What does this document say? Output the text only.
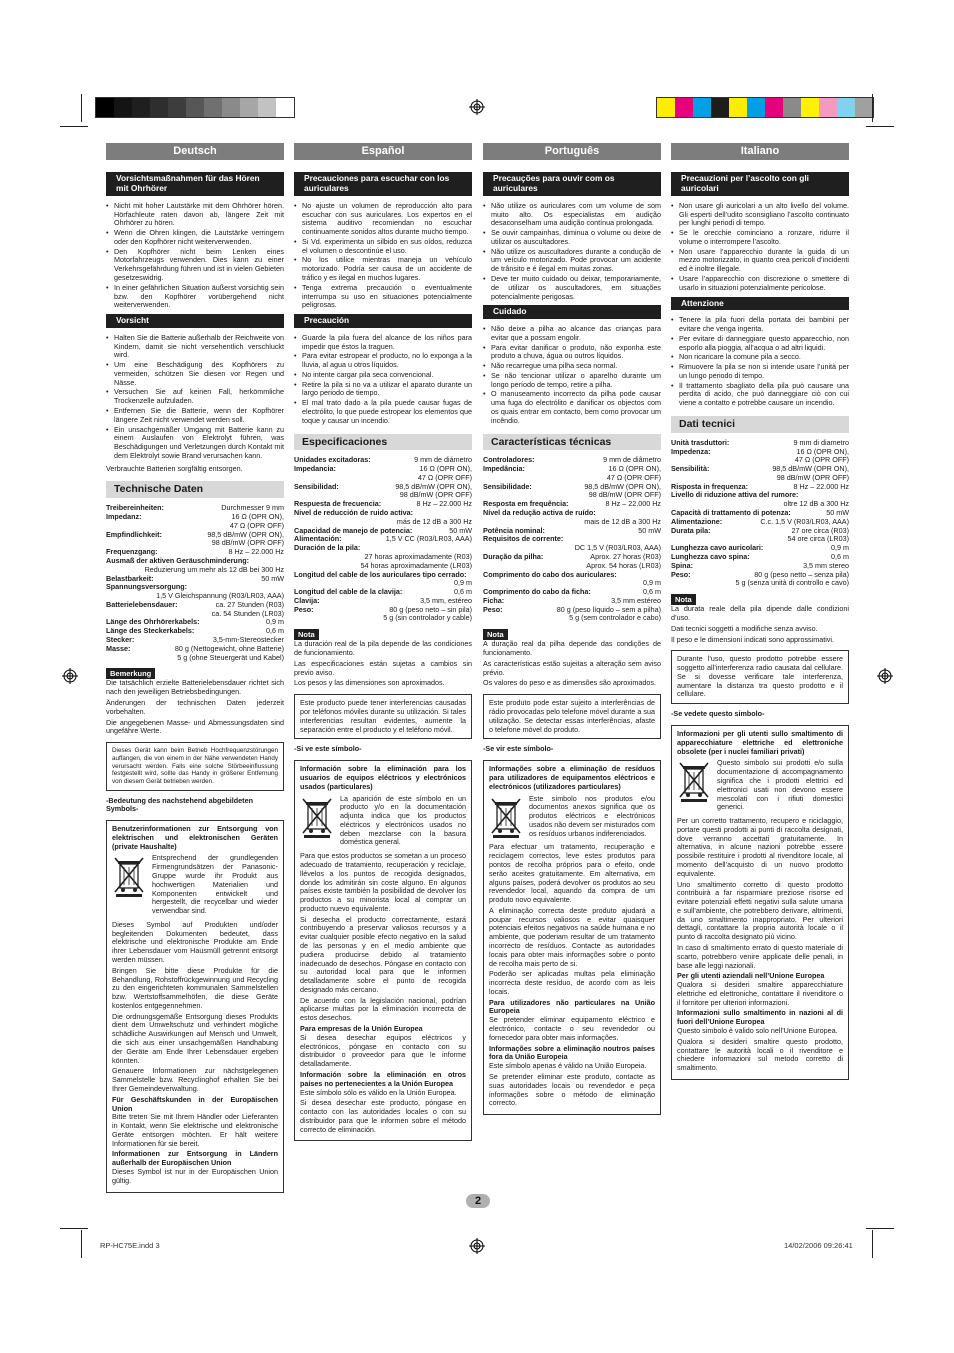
Deutsch
Vorsichtsmaßnahmen für das Hören mit Ohrhörer
• Nicht mit hoher Lautstärke mit dem Ohrhörer hören. Hörfachleute raten davon ab, längere Zeit mit Ohrhörer zu hören.
• Wenn die Ohren klingen, die Lautstärke verringern oder den Kopfhörer nicht weiterverwenden.
• Den Kopfhörer nicht beim Lenken eines Motorfahrzeugs verwenden. Dies kann zu einer Verkehrsgefährdung führen und ist in vielen Gebieten gesetzeswidrig.
• In einer gefährlichen Situation äußerst vorsichtig sein bzw. den Kopfhörer vorübergehend nicht weiterverwenden.
Vorsicht
• Halten Sie die Batterie außerhalb der Reichweite von Kindern, damit sie nicht versehentlich verschluckt wird.
• Um eine Beschädigung des Kopfhörers zu vermeiden, schützen Sie diesen vor Regen und Nässe.
• Versuchen Sie auf keinen Fall, herkömmliche Trockenzelle aufzuladen.
• Entfernen Sie die Batterie, wenn der Kopfhörer längere Zeit nicht verwendet werden soll.
• Ein unsachgemäßer Umgang mit Batterie kann zu einem Auslaufen von Elektrolyt führen, was Beschädigungen und Verletzungen durch Kontakt mit dem Elektrolyt sowie Brand verursachen kann.
Verbrauchte Batterien sorgfältig entsorgen.
Technische Daten
Treibereinheiten:	Durchmesser 9 mm
Impedanz:	16 Ω (OPR ON),
47 Ω (OPR OFF)
Empfindlichkeit:	98,5 dB/mW (OPR ON),
98 dB/mW (OPR OFF)
Frequenzgang:	8 Hz – 22.000 Hz
Ausmaß der aktiven Geräuschminderung:
Reduzierung um mehr als 12 dB bei 300 Hz
Belastbarkeit:	50 mW
Spannungsversorgung:
1,5 V Gleichspannung (R03/LR03, AAA)
Batterielebensdauer:	ca. 27 Stunden (R03)
ca. 54 Stunden (LR03)
Länge des Ohrhörerkabels:	0,9 m
Länge des Steckerkabels:	0,6 m
Stecker:	3,5-mm-Stereostecker
Masse:	80 g (Nettogewicht, ohne Batterie)
5 g (ohne Steuergerät und Kabel)
Bemerkung
Die tatsächlich erzielte Batterielebensdauer richtet sich nach den jeweiligen Betriebsbedingungen.
Änderungen der technischen Daten jederzeit vorbehalten.
Die angegebenen Masse- und Abmessungsdaten sind ungefähre Werte.
Dieses Gerät kann beim Betrieb Hochfrequenzstörungen auffangen, die von einem in der Nähe verwendeten Handy verursacht werden. Falls eine solche Störbeeinflussung festgestellt wird, sollte das Handy in größerer Entfernung von diesem Gerät betrieben werden.
-Bedeutung des nachstehend abgebildeten Symbols-
Benutzerinformationen zur Entsorgung von elektrischen und elektronischen Geräten (private Haushalte)
Entsprechend der grundlegenden Firmengrundsätzen der Panasonic-Gruppe wurde ihr Produkt aus hochwertigen Materialien und Komponenten entwickelt und hergestellt, die recycelbar und wieder verwendbar sind.
Dieses Symbol auf Produkten und/oder begleitenden Dokumenten bedeutet, dass elektrische und elektronische Produkte am Ende ihrer Lebensdauer vom Hausmüll getrennt entsorgt werden müssen.
Bringen Sie bitte diese Produkte für die Behandlung, Rohstoffrückgewinnung und Recycling zu den eingerichteten kommunalen Sammelstellen bzw. Wertstoffsammelhöfen, die diese Geräte kostenlos entgegennehmen.
Die ordnungsgemäße Entsorgung dieses Produkts dient dem Umweltschutz und verhindert mögliche schädliche Auswirkungen auf Mensch und Umwelt, die sich aus einer unsachgemäßen Handhabung der Geräte am Ende Ihrer Lebensdauer ergeben könnten.
Genauere Informationen zur nächstgelegenen Sammelstelle bzw. Recyclinghof erhalten Sie bei Ihrer Gemeindeverwaltung.
Für Geschäftskunden in der Europäischen Union
Bitte treten Sie mit Ihrem Händler oder Lieferanten in Kontakt, wenn Sie elektrische und elektronische Geräte entsorgen möchten. Er hält weitere Informationen für sie bereit.
Informationen zur Entsorgung in Ländern außerhalb der Europäischen Union
Dieses Symbol ist nur in der Europäischen Union gültig.
Español
Precauciones para escuchar con los auriculares
• No ajuste un volumen de reproducción alto para escuchar con sus auriculares. Los expertos en el sistema auditivo recomiendan no escuchar continuamente sonidos altos durante mucho tiempo.
• Si Vd. experimenta un silbido en sus oídos, reduzca el volumen o descontinúe el uso.
• No los utilice mientras maneja un vehículo motorizado. Podría ser causa de un accidente de tráfico y es ilegal en muchos lugares.
• Tenga extrema precaución o eventualmente interrumpa su uso en situaciones potencialmente peligrosas.
Precaución
• Guarde la pila fuera del alcance de los niños para impedir que éstos la traguen.
• Para evitar estropear el producto, no lo exponga a la lluvia, al agua u otros líquidos.
• No intente cargar pila seca convencional.
• Retire la pila si no va a utilizar el aparato durante un largo periodo de tiempo.
• El mal trato dado a la pila puede causar fugas de electrólito, lo que puede estropear los elementos que toque y causar un incendio.
Especificaciones
Unidades excitadoras:	9 mm de diámetro
Impedancia:	16 Ω (OPR ON),
47 Ω (OPR OFF)
Sensibilidad:	98,5 dB/mW (OPR ON),
98 dB/mW (OPR OFF)
Respuesta de frecuencia:	8 Hz – 22.000 Hz
Nivel de reducción de ruido activa:
más de 12 dB a 300 Hz
Capacidad de manejo de potencia:	50 mW
Alimentación:	1,5 V CC (R03/LR03, AAA)
Duración de la pila:
27 horas aproximadamente (R03)
54 horas aproximadamente (LR03)
Longitud del cable de los auriculares tipo cerrado:
0,9 m
Longitud del cable de la clavija:	0,6 m
Clavija:	3,5 mm, estéreo
Peso:	80 g (peso neto – sin pila)
5 g (sin controlador y cable)
Nota
La duración real de la pila depende de las condiciones de funcionamiento.
Las especificaciones están sujetas a cambios sin previo aviso.
Los pesos y las dimensiones son aproximados.
Este producto puede tener interferencias causadas por teléfonos móviles durante su utilización. Si tales interferencias resultan evidentes, aumente la separación entre el producto y el teléfono móvil.
-Si ve este símbolo-
Información sobre la eliminación para los usuarios de equipos eléctricos y electrónicos usados (particulares)
La aparición de este símbolo en un producto y/o en la documentación adjunta indica que los productos eléctricos y electrónicos usados no deben mezclarse con la basura doméstica general.
Para que estos productos se sometan a un proceso adecuado de tratamiento, recuperación y reciclaje, llévelos a los puntos de recogida designados, donde los admitirán sin coste alguno. En algunos países existe también la posibilidad de devolver los productos a su minorista local al comprar un producto nuevo equivalente.
Si desecha el producto correctamente, estará contribuyendo a preservar valiosos recursos y a evitar cualquier posible efecto negativo en la salud de las personas y en el medio ambiente que pudiera producirse debido al tratamiento inadecuado de desechos. Póngase en contacto con su autoridad local para que le informen detalladamente sobre el punto de recogida designado más cercano.
De acuerdo con la legislación nacional, podrían aplicarse multas por la eliminación incorrecta de estos desechos.
Para empresas de la Unión Europea
Si desea desechar equipos eléctricos y electrónicos, póngase en contacto con su distribuidor o proveedor para que le informe detalladamente.
Información sobre la eliminación en otros países no pertenecientes a la Unión Europea
Este símbolo sólo es válido en la Unión Europea.
Si desea desechar este producto, póngase en contacto con las autoridades locales o con su distribuidor para que le informen sobre el método correcto de eliminación.
Português
Precauções para ouvir com os auriculares
• Não utilize os auriculares com um volume de som muito alto. Os especialistas em audição desaconselham uma audição contínua prolongada.
• Se ouvir campainhas, diminua o volume ou deixe de utilizar os auscultadores.
• Não utilize os auscultadores durante a condução de um veículo motorizado. Pode provocar um acidente de trânsito e é ilegal em muitas zonas.
• Deve ter muito cuidado ou deixar, temporariamente, de utilizar os auscultadores, em situações potencialmente perigosas.
Cuidado
• Não deixe a pilha ao alcance das crianças para evitar que a possam engolir.
• Para evitar danificar o produto, não exponha este produto a chuva, água ou outros líquidos.
• Não recarregue uma pilha seca normal.
• Se não tencionar utilizar o aparelho durante um longo período de tempo, retire a pilha.
• O manuseamento incorrecto da pilha pode causar uma fuga do electrólito e danificar os objectos com os quais entrar em contacto, bem como provocar um incêndio.
Características técnicas
Controladores:	9 mm de diâmetro
Impedância:	16 Ω (OPR ON),
47 Ω (OPR OFF)
Sensibilidade:	98,5 dB/mW (OPR ON),
98 dB/mW (OPR OFF)
Resposta em frequência:	8 Hz – 22.000 Hz
Nível da redução activa de ruído:
mais de 12 dB a 300 Hz
Potência nominal:	50 mW
Requisitos de corrente:
DC 1,5 V (R03/LR03, AAA)
Duração da pilha:	Aprox. 27 horas (R03)
Aprox. 54 horas (LR03)
Comprimento do cabo dos auriculares:
0,9 m
Comprimento do cabo da ficha:	0,6 m
Ficha:	3,5 mm estéreo
Peso:	80 g (peso líquido – sem a pilha)
5 g (sem controlador e cabo)
Nota
A duração real da pilha depende das condições de funcionamento.
As características estão sujeitas a alteração sem aviso prévio.
Os valores do peso e as dimensões são aproximados.
Este produto pode estar sujeito a interferências de rádio provocadas pelo telefone móvel durante a sua utilização. Se detectar essas interferências, afaste o telefone móvel do produto.
-Se vir este símbolo-
Informações sobre a eliminação de resíduos para utilizadores de equipamentos eléctricos e electrónicos (utilizadores particulares)
Este símbolo nos produtos e/ou documentos anexos significa que os produtos eléctricos e electrónicos usados não devem ser misturados com os resíduos urbanos indiferenciados.
Para efectuar um tratamento, recuperação e reciclagem correctos, leve estes produtos para pontos de recolha próprios para o efeito, onde serão aceites gratuitamente. Em alternativa, em alguns países, poderá devolver os produtos ao seu revendedor local, aquando da compra de um produto novo equivalente.
A eliminação correcta deste produto ajudará a poupar recursos valiosos e evitar quaisquer potenciais efeitos negativos na saúde humana e no ambiente, que poderiam resultar de um tratamento incorrecto de resíduos. Contacte as autoridades locais para obter mais informações sobre o ponto de recolha mais perto de si.
Poderão ser aplicadas multas pela eliminação incorrecta deste resíduo, de acordo com as leis locais.
Para utilizadores não particulares na União Europeia
Se pretender eliminar equipamento eléctrico e electrónico, contacte o seu revendedor ou fornecedor para obter mais informações.
Informações sobre a eliminação noutros países fora da União Europeia
Este símbolo apenas é válido na União Europeia.
Se pretender eliminar este produto, contacte as suas autoridades locais ou revendedor e peça informações sobre o método de eliminação correcto.
Italiano
Precauzioni per l’ascolto con gli auricolari
• Non usare gli auricolari a un alto livello del volume. Gli esperti dell’udito sconsigliano l’ascolto continuato per lunghi periodi di tempo.
• Se le orecchie cominciano a ronzare, ridurre il volume o interrompere l’ascolto.
• Non usare l’apparecchio durante la guida di un mezzo motorizzato, in quanto crea pericoli d’incidenti ed è inoltre illegale.
• Usare l’apparecchio con discrezione o smettere di usarlo in situazioni potenzialmente pericolose.
Attenzione
• Tenere la pila fuori della portata dei bambini per evitare che venga ingerita.
• Per evitare di danneggiare questo apparecchio, non esporlo alla pioggia, all’acqua o ad altri liquidi.
• Non ricaricare la comune pila a secco.
• Rimuovere la pila se non si intende usare l’unità per un lungo periodo di tempo.
• Il trattamento sbagliato della pila può causare una perdita di acido, che può danneggiare ciò con cui viene a contatto e potrebbe causare un incendio.
Dati tecnici
Unità trasduttori:	9 mm di diametro
Impedenza:	16 Ω (OPR ON),
47 Ω (OPR OFF)
Sensibilità:	98,5 dB/mW (OPR ON),
98 dB/mW (OPR OFF)
Risposta in frequenza:	8 Hz – 22.000 Hz
Livello di riduzione attiva del rumore:
oltre 12 dB a 300 Hz
Capacità di trattamento di potenza:	50 mW
Alimentazione:	C.c. 1,5 V (R03/LR03, AAA)
Durata pila:	27 ore circa (R03)
54 ore circa (LR03)
Lunghezza cavo auricolari:	0,9 m
Lunghezza cavo spina:	0,6 m
Spina:	3,5 mm stereo
Peso:	80 g (peso netto – senza pila)
5 g (senza unità di controllo e cavo)
Nota
La durata reale della pila dipende dalle condizioni d’uso.
Dati tecnici soggetti a modifiche senza avviso.
Il peso e le dimensioni indicati sono approssimativi.
Durante l’uso, questo prodotto potrebbe essere soggetto all’interferenza radio causata dal cellulare. Se si dovesse verificare tale interferenza, aumentare la distanza tra questo prodotto e il cellulare.
-Se vedete questo simbolo-
Informazioni per gli utenti sullo smaltimento di apparecchiature elettriche ed elettroniche obsolete (per i nuclei familiari privati)
Questo simbolo sui prodotti e/o sulla documentazione di accompagnamento significa che i prodotti elettrici ed elettronici usati non devono essere mescolati con i rifiuti domestici generici.
Per un corretto trattamento, recupero e riciclaggio, portare questi prodotti ai punti di raccolta designati, dove verranno accettati gratuitamente. In alternativa, in alcune nazioni potrebbe essere possibile restituire i prodotti al rivenditore locale, al momento dell’acquisto di un nuovo prodotto equivalente.
Uno smaltimento corretto di questo prodotto contribuirà a far risparmiare preziose risorse ed evitare potenziali effetti negativi sulla salute umana e sull’ambiente, che potrebbero derivare, altrimenti, da uno smaltimento inappropriato. Per ulteriori dettagli, contattare la propria autorità locale o il punto di raccolta designato più vicino.
In caso di smaltimento errato di questo materiale di scarto, potrebbero venire applicate delle penali, in base alle leggi nazionali.
Per gli utenti aziendali nell’Unione Europea
Qualora si desideri smaltire apparecchiature elettriche ed elettroniche, contattare il rivenditore o il fornitore per ulteriori informazioni.
Informazioni sullo smaltimento in nazioni al di fuori dell’Unione Europea
Questo simbolo è valido solo nell’Unione Europea.
Qualora si desideri smaltire questo prodotto, contattare le autorità locali o il rivenditore e chiedere informazioni sul metodo corretto di smaltimento.
2
RP-HC75E.indd 3	14/02/2006 09:26:41
